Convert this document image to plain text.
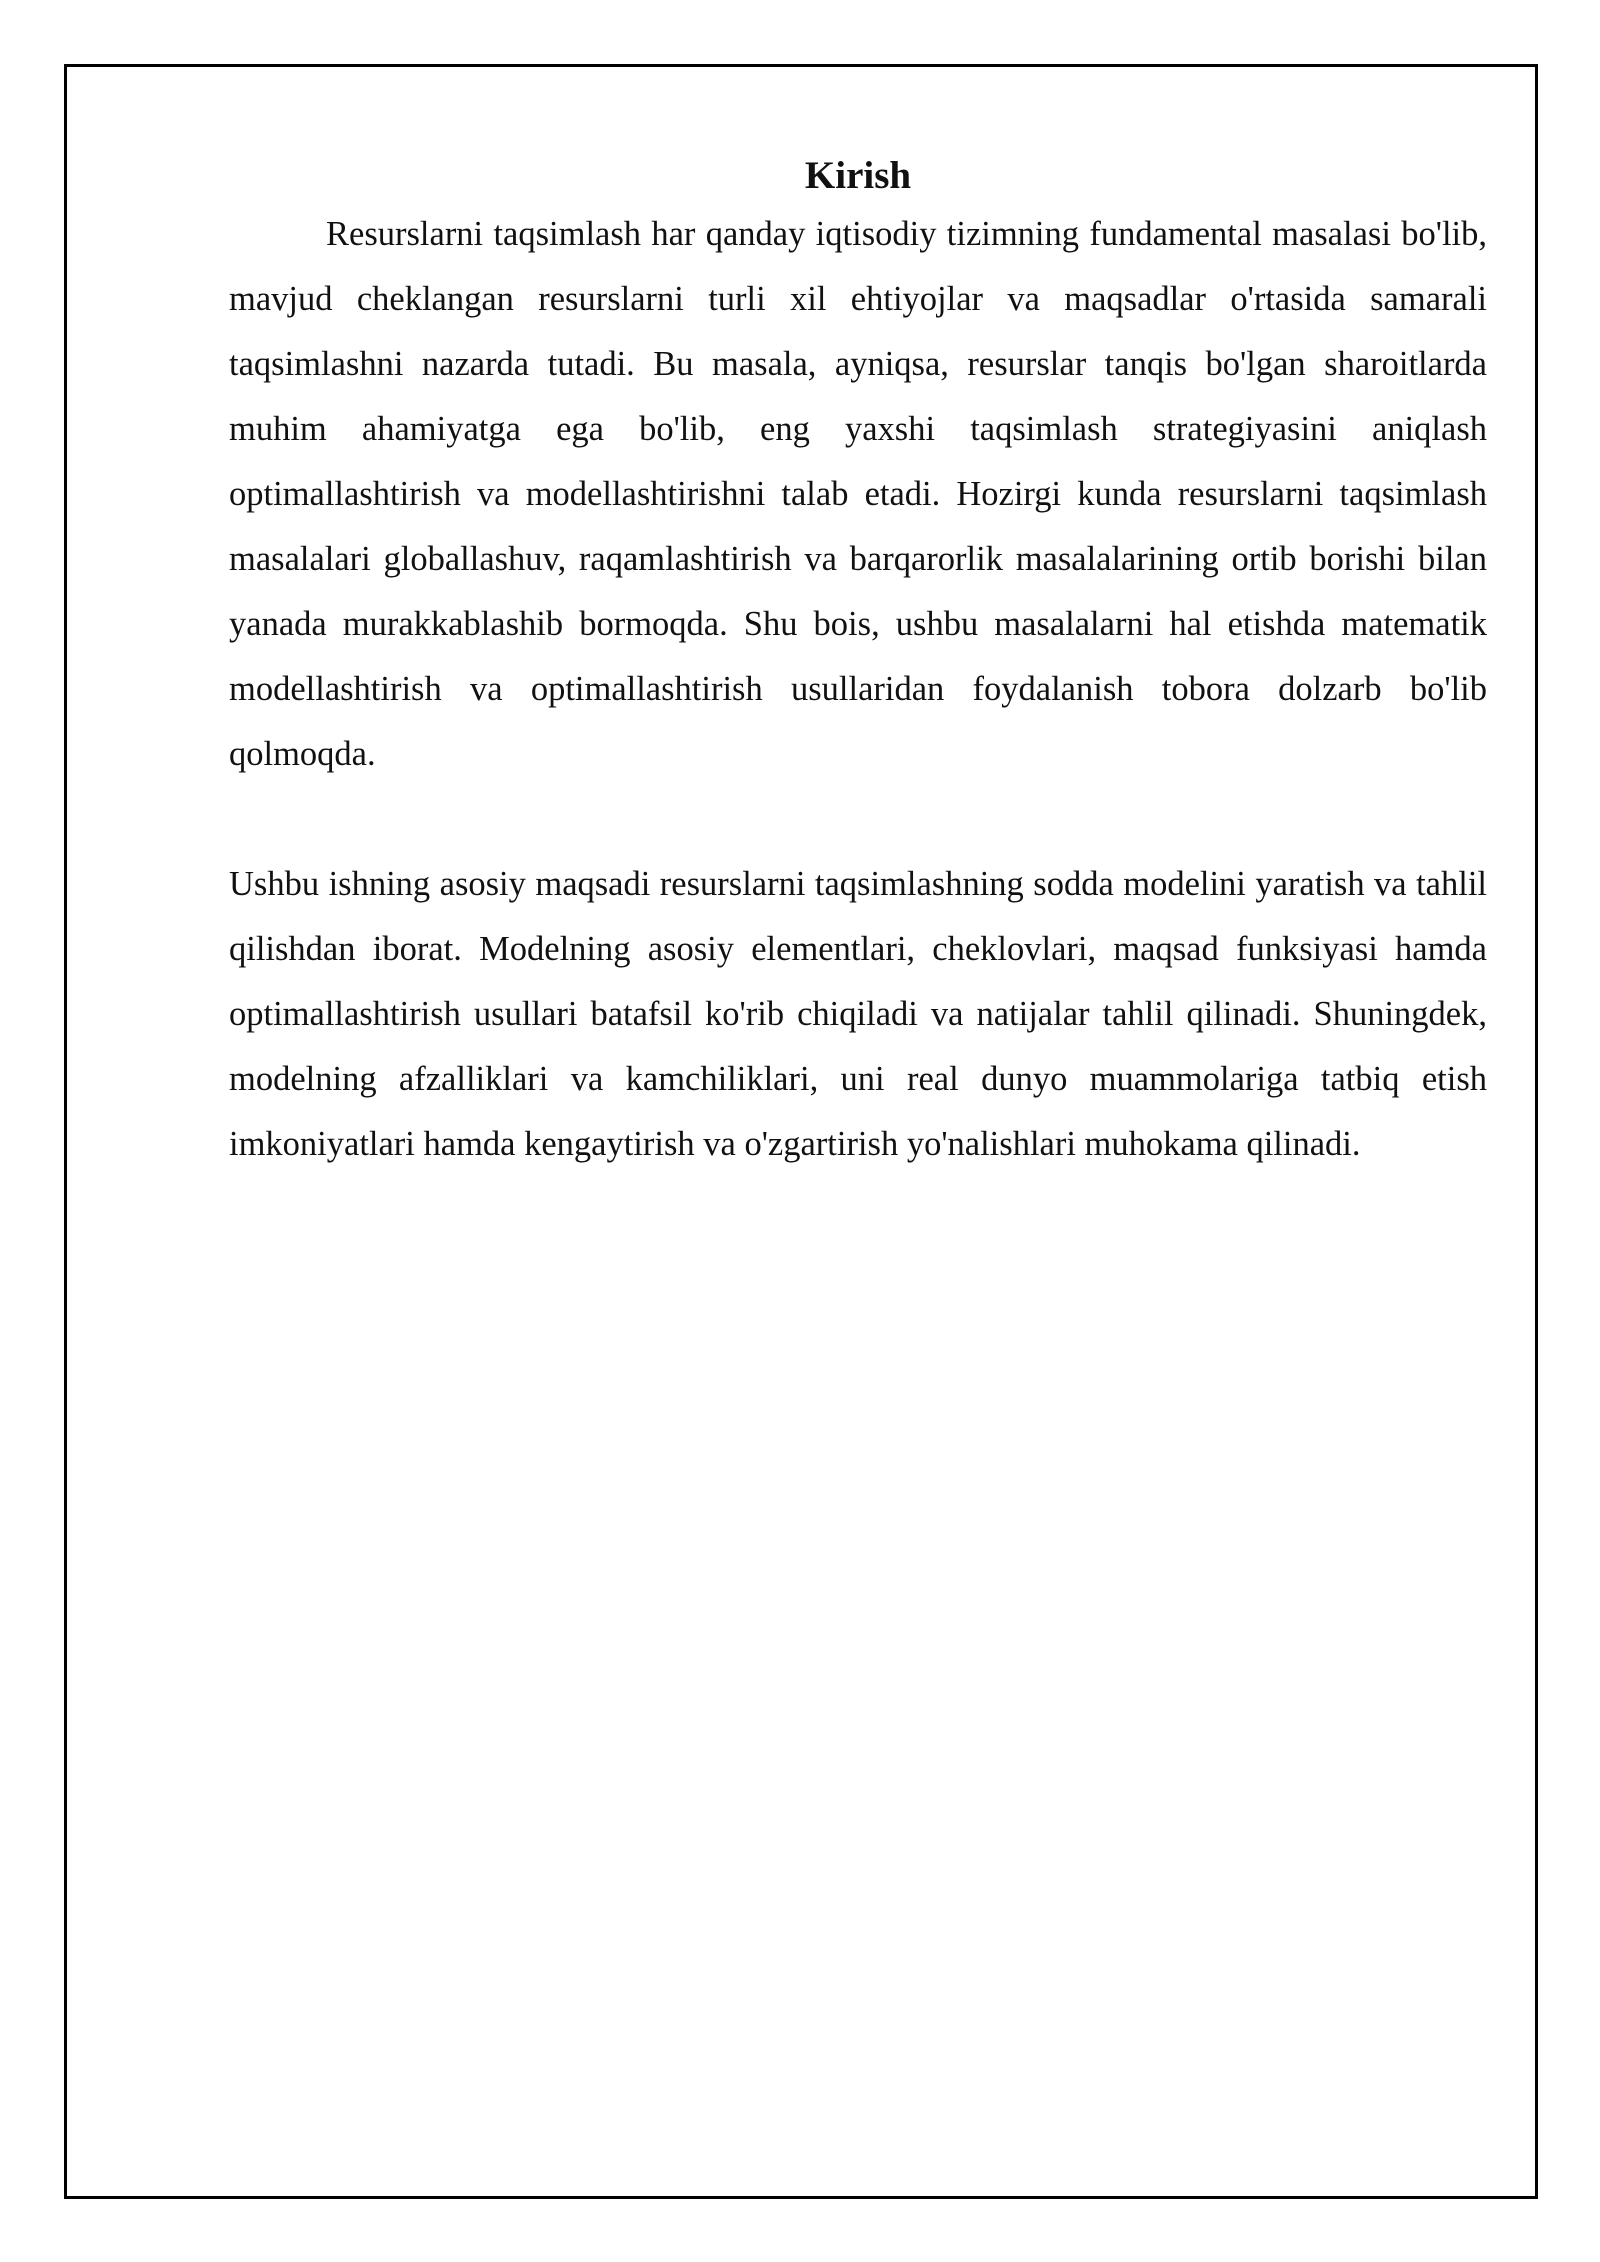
Kirish

Resurslarni taqsimlash har qanday iqtisodiy tizimning fundamental masalasi bo'lib, mavjud cheklangan resurslarni turli xil ehtiyojlar va maqsadlar o'rtasida samarali taqsimlashni nazarda tutadi. Bu masala, ayniqsa, resurslar tanqis bo'lgan sharoitlarda muhim ahamiyatga ega bo'lib, eng yaxshi taqsimlash strategiyasini aniqlash optimallashtirish va modellashtirishni talab etadi. Hozirgi kunda resurslarni taqsimlash masalalari globallashuv, raqamlashtirish va barqarorlik masalalarining ortib borishi bilan yanada murakkablashib bormoqda. Shu bois, ushbu masalalarni hal etishda matematik modellashtirish va optimallashtirish usullaridan foydalanish tobora dolzarb bo'lib qolmoqda.

Ushbu ishning asosiy maqsadi resurslarni taqsimlashning sodda modelini yaratish va tahlil qilishdan iborat. Modelning asosiy elementlari, cheklovlari, maqsad funksiyasi hamda optimallashtirish usullari batafsil ko'rib chiqiladi va natijalar tahlil qilinadi. Shuningdek, modelning afzalliklari va kamchiliklari, uni real dunyo muammolariga tatbiq etish imkoniyatlari hamda kengaytirish va o'zgartirish yo'nalishlari muhokama qilinadi.
